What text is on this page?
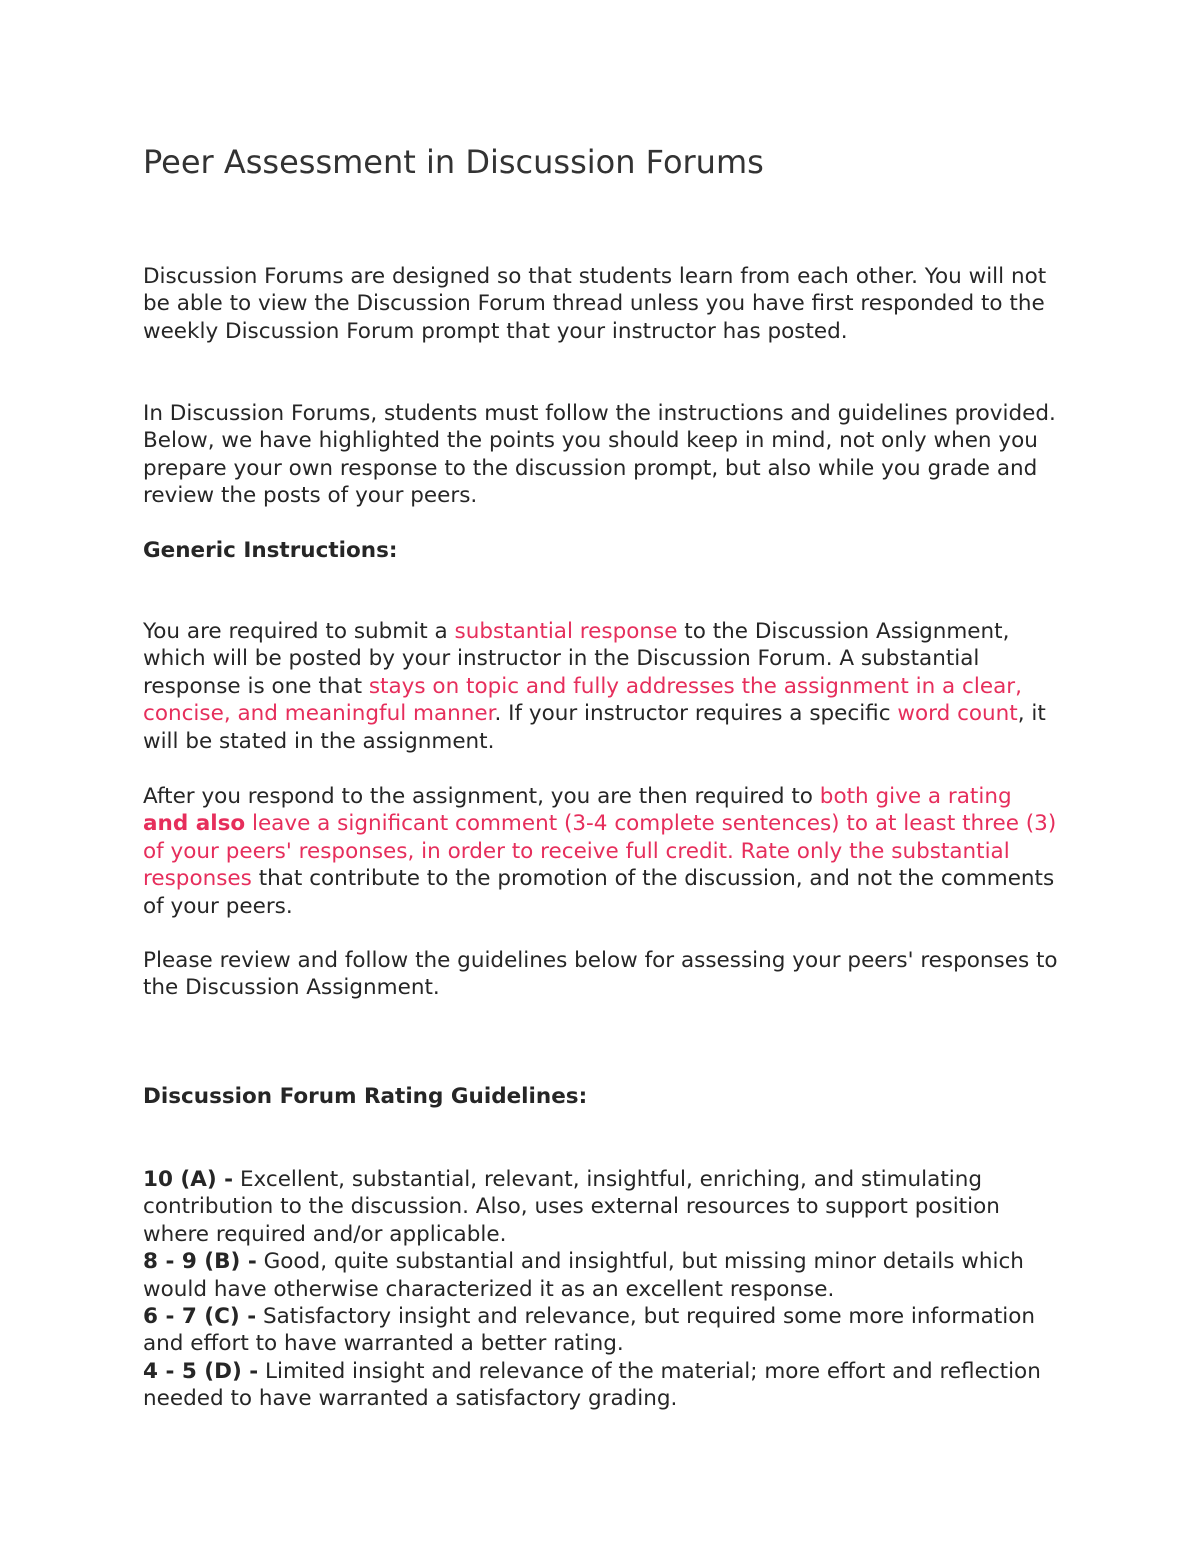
Peer Assessment in Discussion Forums

Discussion Forums are designed so that students learn from each other. You will not be able to view the Discussion Forum thread unless you have first responded to the weekly Discussion Forum prompt that your instructor has posted.

In Discussion Forums, students must follow the instructions and guidelines provided. Below, we have highlighted the points you should keep in mind, not only when you prepare your own response to the discussion prompt, but also while you grade and review the posts of your peers.

Generic Instructions:

You are required to submit a substantial response to the Discussion Assignment, which will be posted by your instructor in the Discussion Forum. A substantial response is one that stays on topic and fully addresses the assignment in a clear, concise, and meaningful manner. If your instructor requires a specific word count, it will be stated in the assignment.

After you respond to the assignment, you are then required to both give a rating and also leave a significant comment (3-4 complete sentences) to at least three (3) of your peers' responses, in order to receive full credit. Rate only the substantial responses that contribute to the promotion of the discussion, and not the comments of your peers.

Please review and follow the guidelines below for assessing your peers' responses to the Discussion Assignment.

Discussion Forum Rating Guidelines:

10 (A) - Excellent, substantial, relevant, insightful, enriching, and stimulating contribution to the discussion. Also, uses external resources to support position where required and/or applicable.
8 - 9 (B) - Good, quite substantial and insightful, but missing minor details which would have otherwise characterized it as an excellent response.
6 - 7 (C) - Satisfactory insight and relevance, but required some more information and effort to have warranted a better rating.
4 - 5 (D) - Limited insight and relevance of the material; more effort and reflection needed to have warranted a satisfactory grading.
